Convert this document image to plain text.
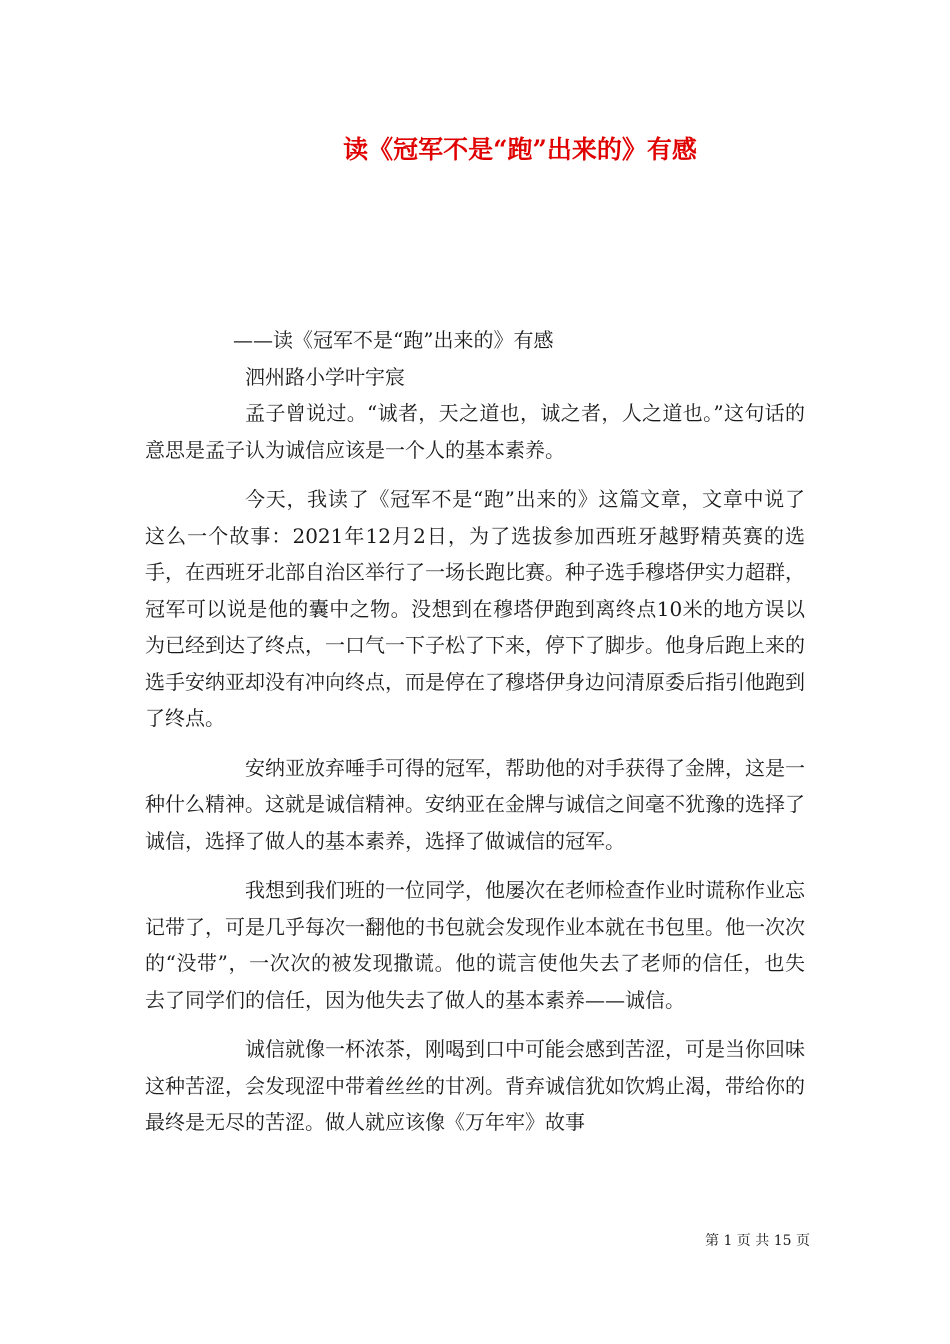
读《冠军不是“跑”出来的》有感

——读《冠军不是“跑”出来的》有感

泗州路小学叶宇宸

孟子曾说过。“诚者，天之道也，诚之者，人之道也。”这句话的意思是孟子认为诚信应该是一个人的基本素养。

今天，我读了《冠军不是“跑”出来的》这篇文章，文章中说了这么一个故事：2021年12月2日，为了选拔参加西班牙越野精英赛的选手，在西班牙北部自治区举行了一场长跑比赛。种子选手穆塔伊实力超群，冠军可以说是他的囊中之物。没想到在穆塔伊跑到离终点10米的地方误以为已经到达了终点，一口气一下子松了下来，停下了脚步。他身后跑上来的选手安纳亚却没有冲向终点，而是停在了穆塔伊身边问清原委后指引他跑到了终点。

安纳亚放弃唾手可得的冠军，帮助他的对手获得了金牌，这是一种什么精神。这就是诚信精神。安纳亚在金牌与诚信之间毫不犹豫的选择了诚信，选择了做人的基本素养，选择了做诚信的冠军。

我想到我们班的一位同学，他屡次在老师检查作业时谎称作业忘记带了，可是几乎每次一翻他的书包就会发现作业本就在书包里。他一次次的“没带”，一次次的被发现撒谎。他的谎言使他失去了老师的信任，也失去了同学们的信任，因为他失去了做人的基本素养——诚信。

诚信就像一杯浓茶，刚喝到口中可能会感到苦涩，可是当你回味这种苦涩，会发现涩中带着丝丝的甘冽。背弃诚信犹如饮鸩止渴，带给你的最终是无尽的苦涩。做人就应该像《万年牢》故事

第 1 页 共 15 页
